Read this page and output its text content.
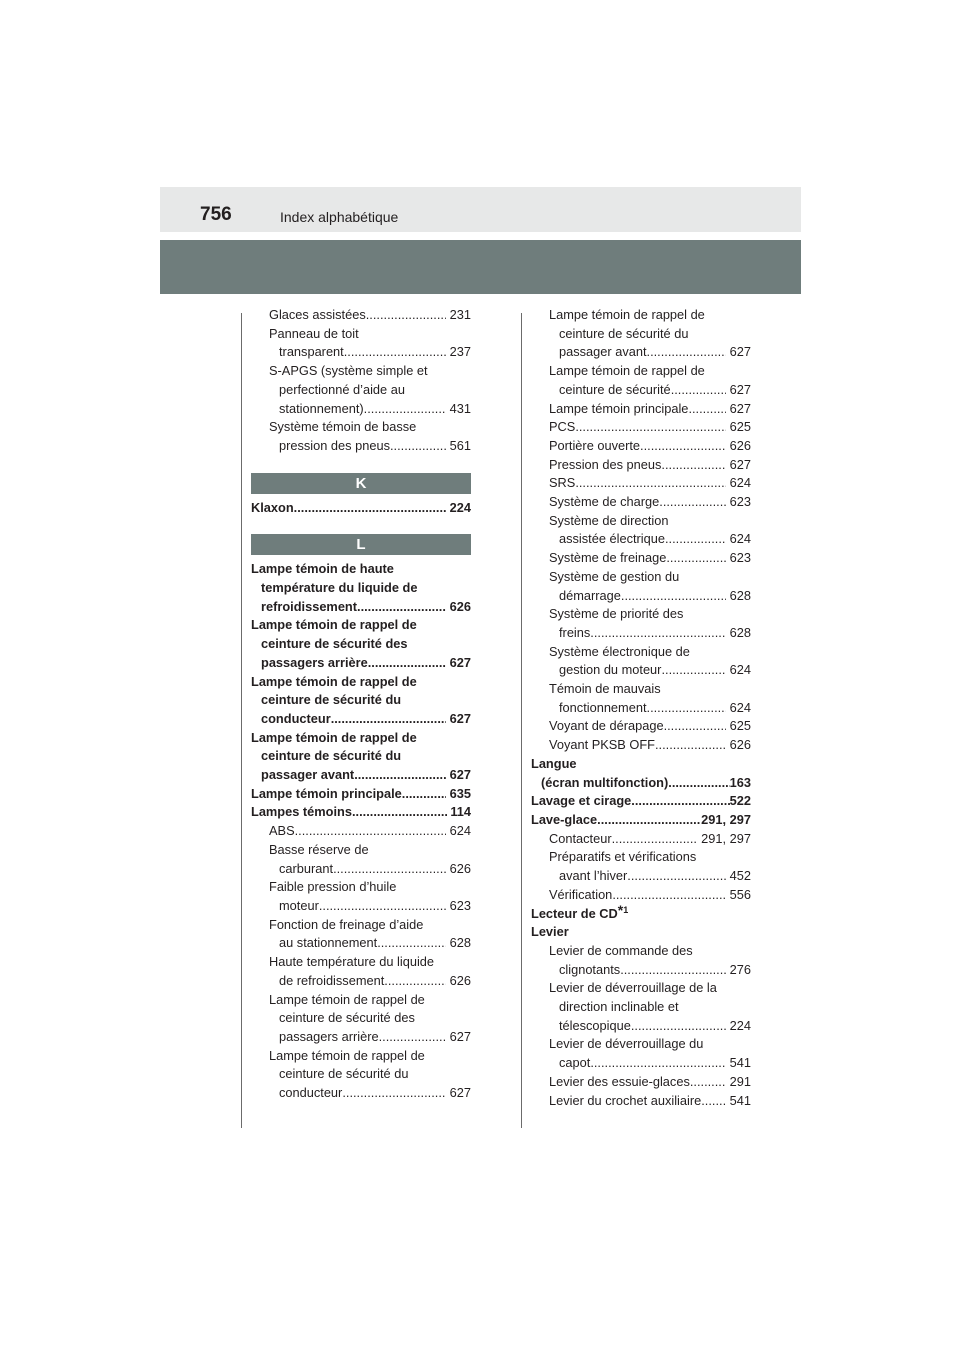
756	Index alphabétique
Glaces assistées .....	231
Panneau de toit
transparent .....	237
S-APGS (système simple et
perfectionné d’aide au
stationnement) .....	431
Système témoin de basse
pression des pneus .....	561
K
Klaxon .....	224
L
Lampe témoin de haute
température du liquide de
refroidissement .....	626
Lampe témoin de rappel de
ceinture de sécurité des
passagers arrière .....	627
Lampe témoin de rappel de
ceinture de sécurité du
conducteur .....	627
Lampe témoin de rappel de
ceinture de sécurité du
passager avant .....	627
Lampe témoin principale .....	635
Lampes témoins .....	114
ABS .....	624
Basse réserve de
carburant .....	626
Faible pression d’huile
moteur .....	623
Fonction de freinage d’aide
au stationnement .....	628
Haute température du liquide
de refroidissement .....	626
Lampe témoin de rappel de
ceinture de sécurité des
passagers arrière .....	627
Lampe témoin de rappel de
ceinture de sécurité du
conducteur .....	627
Lampe témoin de rappel de
ceinture de sécurité du
passager avant .....	627
Lampe témoin de rappel de
ceinture de sécurité .....	627
Lampe témoin principale .....	627
PCS .....	625
Portière ouverte .....	626
Pression des pneus .....	627
SRS .....	624
Système de charge .....	623
Système de direction
assistée électrique .....	624
Système de freinage .....	623
Système de gestion du
démarrage .....	628
Système de priorité des
freins .....	628
Système électronique de
gestion du moteur .....	624
Témoin de mauvais
fonctionnement .....	624
Voyant de dérapage .....	625
Voyant PKSB OFF .....	626
Langue
(écran multifonction) .....	163
Lavage et cirage .....	522
Lave-glace .....	291, 297
Contacteur .....	291, 297
Préparatifs et vérifications
avant l’hiver .....	452
Vérification .....	556
Lecteur de CD$^{*1}$
Levier
Levier de commande des
clignotants .....	276
Levier de déverrouillage de la
direction inclinable et
télescopique .....	224
Levier de déverrouillage du
capot .....	541
Levier des essuie-glaces .....	291
Levier du crochet auxiliaire ..... 541
